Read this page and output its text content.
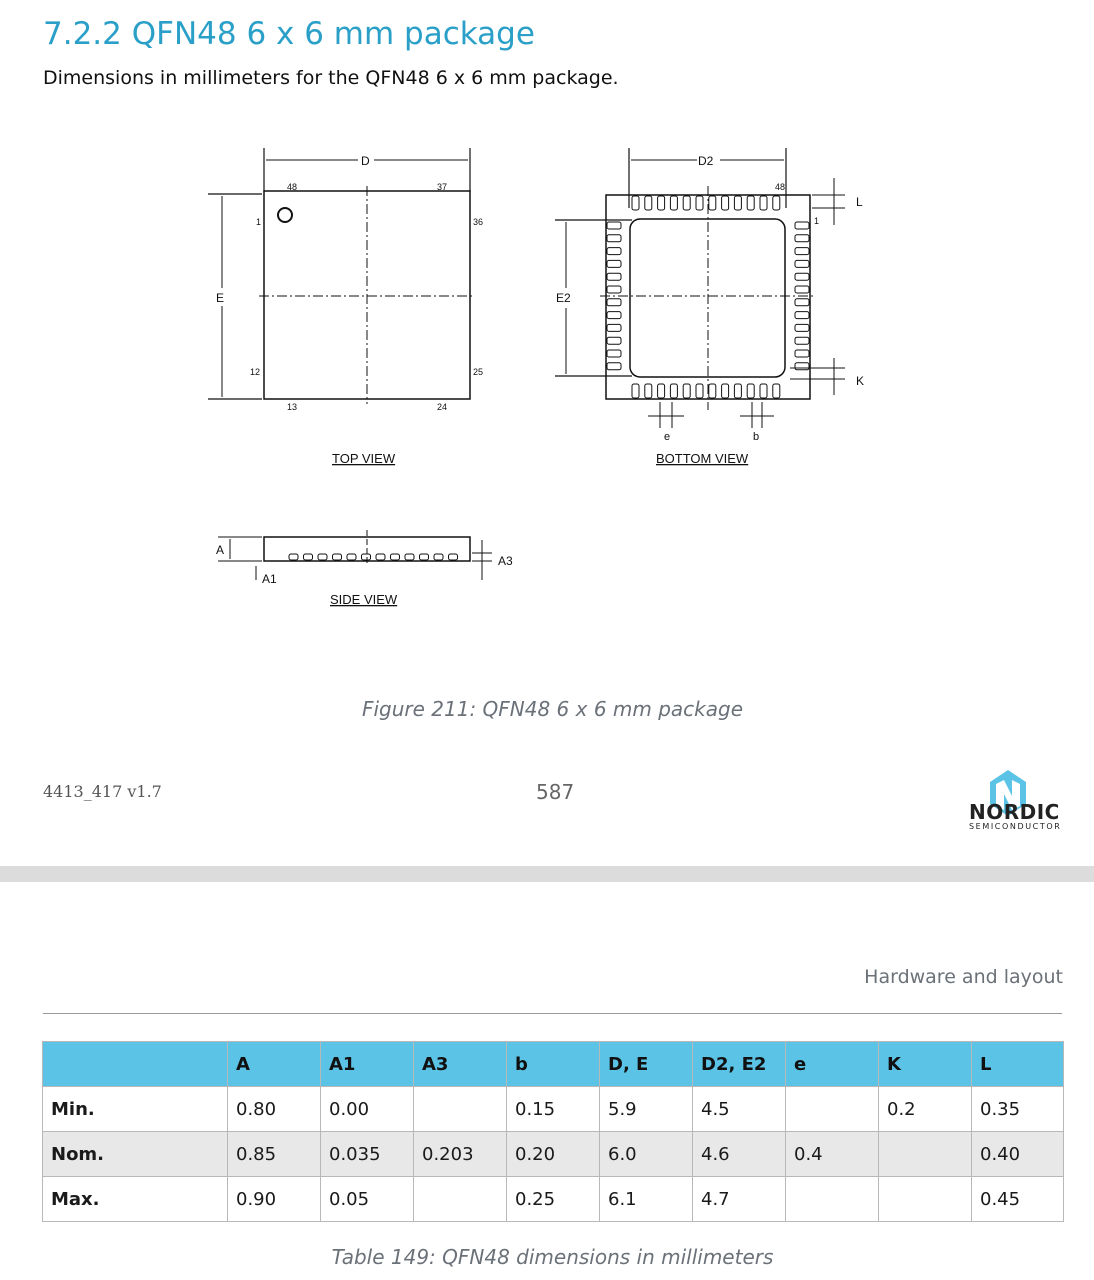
7.2.2 QFN48 6 x 6 mm package
Dimensions in millimeters for the QFN48 6 x 6 mm package.
48	37
1	36
12	25
13	24
D
E
TOP VIEW
D2
E2
L
K
e	b
48
1
BOTTOM VIEW
A
A1
A3
SIDE VIEW
Figure 211: QFN48 6 x 6 mm package
4413_417 v1.7	587
NORDIC
SEMICONDUCTOR
Hardware and layout
	A	A1	A3	b	D, E	D2, E2	e	K	L
Min.	0.80	0.00		0.15	5.9	4.5		0.2	0.35
Nom.	0.85	0.035	0.203	0.20	6.0	4.6	0.4		0.40
Max.	0.90	0.05		0.25	6.1	4.7			0.45
Table 149: QFN48 dimensions in millimeters
